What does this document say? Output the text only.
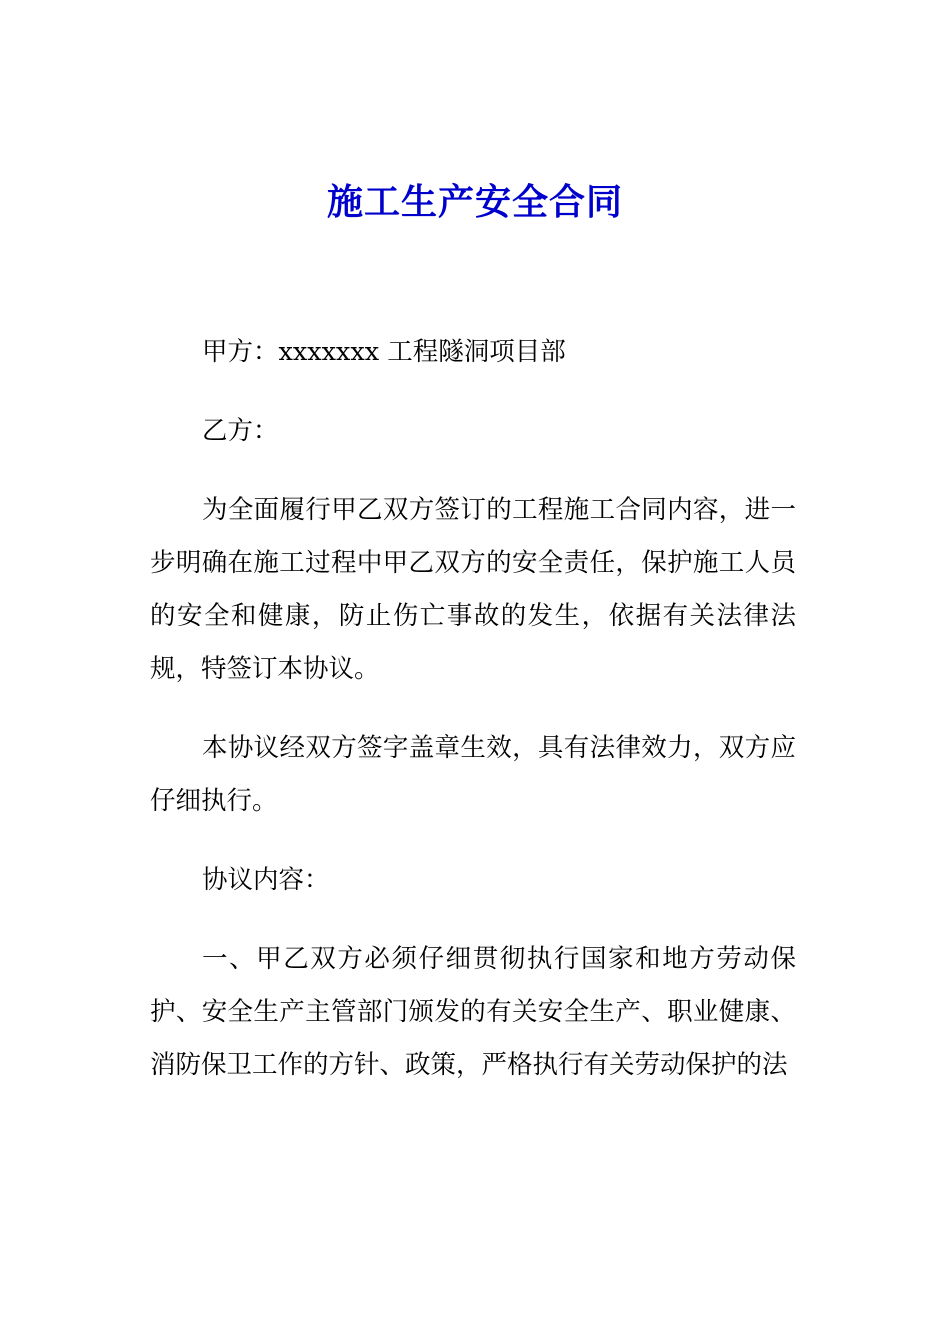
施工生产安全合同

甲方：xxxxxxx 工程隧洞项目部

乙方：

为全面履行甲乙双方签订的工程施工合同内容，进一步明确在施工过程中甲乙双方的安全责任，保护施工人员的安全和健康，防止伤亡事故的发生，依据有关法律法规，特签订本协议。

本协议经双方签字盖章生效，具有法律效力，双方应仔细执行。

协议内容：

一、甲乙双方必须仔细贯彻执行国家和地方劳动保护、安全生产主管部门颁发的有关安全生产、职业健康、消防保卫工作的方针、政策，严格执行有关劳动保护的法
